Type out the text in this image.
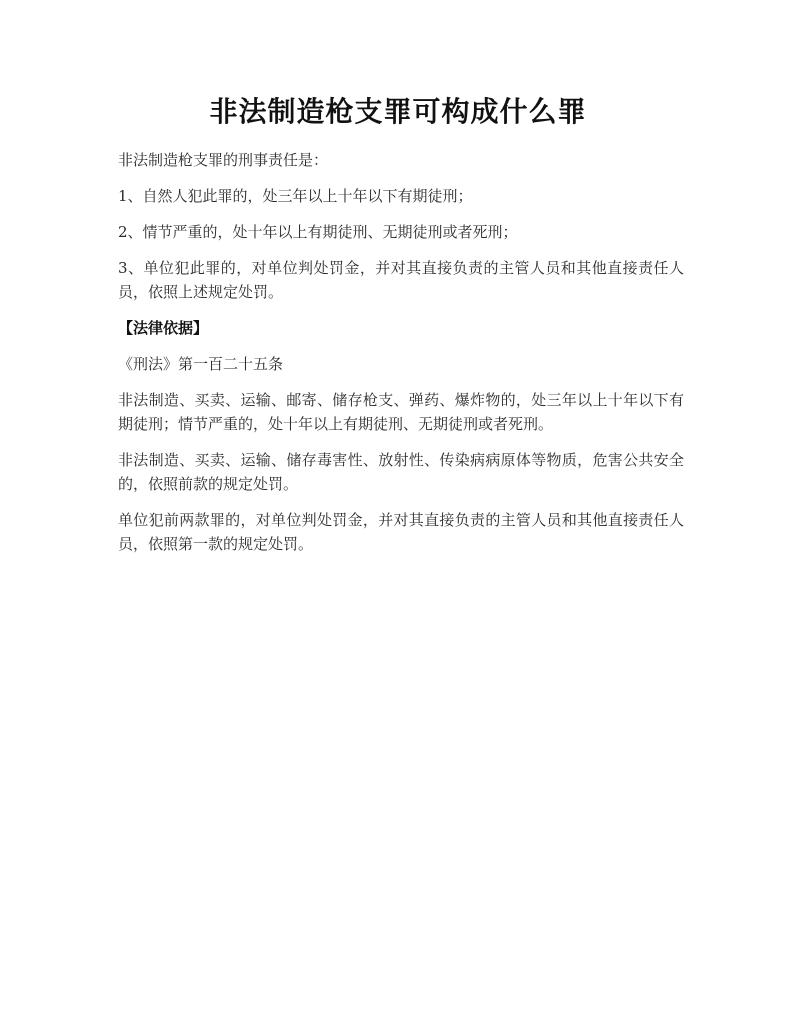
非法制造枪支罪可构成什么罪

非法制造枪支罪的刑事责任是：

1、自然人犯此罪的，处三年以上十年以下有期徒刑；

2、情节严重的，处十年以上有期徒刑、无期徒刑或者死刑；

3、单位犯此罪的，对单位判处罚金，并对其直接负责的主管人员和其他直接责任人员，依照上述规定处罚。

【法律依据】

《刑法》第一百二十五条

非法制造、买卖、运输、邮寄、储存枪支、弹药、爆炸物的，处三年以上十年以下有期徒刑；情节严重的，处十年以上有期徒刑、无期徒刑或者死刑。

非法制造、买卖、运输、储存毒害性、放射性、传染病病原体等物质，危害公共安全的，依照前款的规定处罚。

单位犯前两款罪的，对单位判处罚金，并对其直接负责的主管人员和其他直接责任人员，依照第一款的规定处罚。
